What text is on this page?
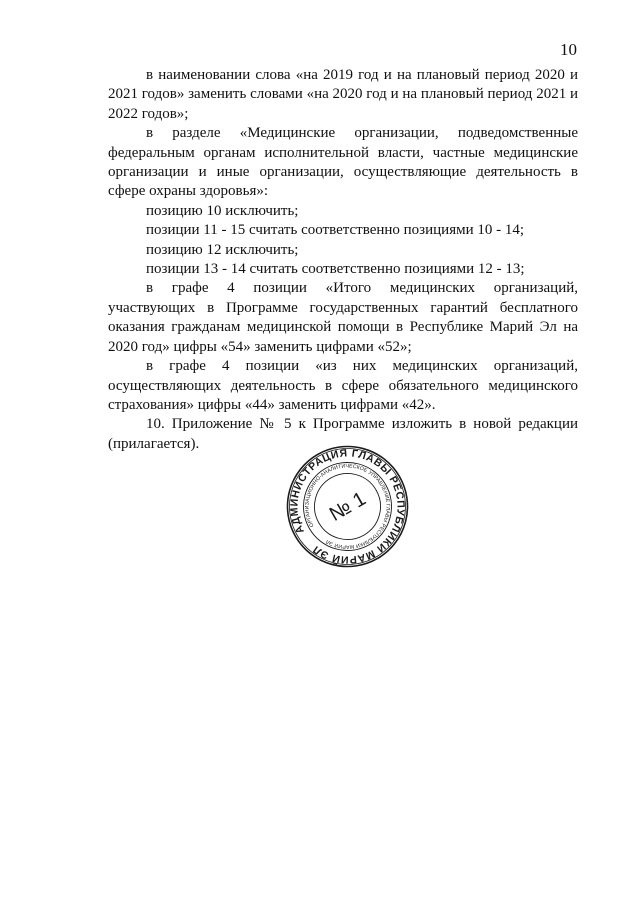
10

в наименовании слова «на 2019 год и на плановый период 2020 и 2021 годов» заменить словами «на 2020 год и на плановый период 2021 и 2022 годов»;

в разделе «Медицинские организации, подведомственные федеральным органам исполнительной власти, частные медицинские организации и иные организации, осуществляющие деятельность в сфере охраны здоровья»:

позицию 10 исключить;

позиции 11 - 15 считать соответственно позициями 10 - 14;

позицию 12 исключить;

позиции 13 - 14 считать соответственно позициями 12 - 13;

в графе 4 позиции «Итого медицинских организаций, участвующих в Программе государственных гарантий бесплатного оказания гражданам медицинской помощи в Республике Марий Эл на 2020 год» цифры «54» заменить цифрами «52»;

в графе 4 позиции «из них медицинских организаций, осуществляющих деятельность в сфере обязательного медицинского страхования» цифры «44» заменить цифрами «42».

10. Приложение № 5 к Программе изложить в новой редакции (прилагается).

АДМИНИСТРАЦИЯ ГЛАВЫ РЕСПУБЛИКИ МАРИЙ ЭЛ
ОРГАНИЗАЦИОННО-АНАЛИТИЧЕСКОЕ УПРАВЛЕНИЕ ГЛАВЫ РЕСПУБЛИКИ МАРИЙ ЭЛ
№ 1
